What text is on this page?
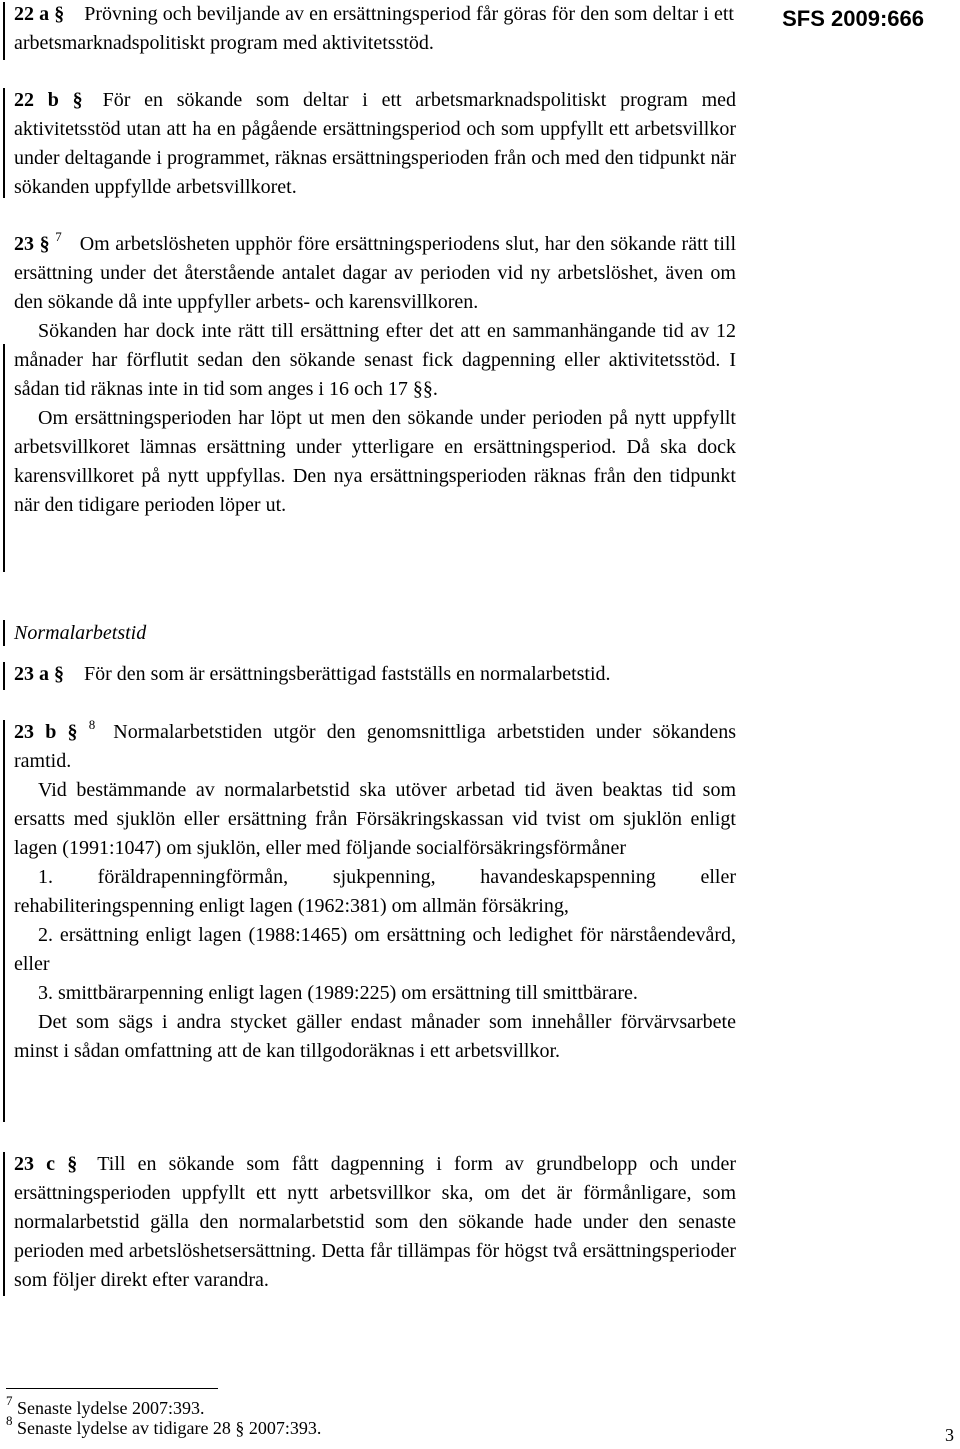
SFS 2009:666

22 a § Prövning och beviljande av en ersättningsperiod får göras för den som deltar i ett arbetsmarknadspolitiskt program med aktivitetsstöd.

22 b § För en sökande som deltar i ett arbetsmarknadspolitiskt program med aktivitetsstöd utan att ha en pågående ersättningsperiod och som uppfyllt ett arbetsvillkor under deltagande i programmet, räknas ersättningsperioden från och med den tidpunkt när sökanden uppfyllde arbetsvillkoret.

23 § $^7$ Om arbetslösheten upphör före ersättningsperiodens slut, har den sökande rätt till ersättning under det återstående antalet dagar av perioden vid ny arbetslöshet, även om den sökande då inte uppfyller arbets- och karensvillkoren.

Sökanden har dock inte rätt till ersättning efter det att en sammanhängande tid av 12 månader har förflutit sedan den sökande senast fick dagpenning eller aktivitetsstöd. I sådan tid räknas inte in tid som anges i 16 och 17 §§.

Om ersättningsperioden har löpt ut men den sökande under perioden på nytt uppfyllt arbetsvillkoret lämnas ersättning under ytterligare en ersättningsperiod. Då ska dock karensvillkoret på nytt uppfyllas. Den nya ersättningsperioden räknas från den tidpunkt när den tidigare perioden löper ut.

Normalarbetstid

23 a § För den som är ersättningsberättigad fastställs en normalarbetstid.

23 b § $^8$ Normalarbetstiden utgör den genomsnittliga arbetstiden under sökandens ramtid.

Vid bestämmande av normalarbetstid ska utöver arbetad tid även beaktas tid som ersatts med sjuklön eller ersättning från Försäkringskassan vid tvist om sjuklön enligt lagen (1991:1047) om sjuklön, eller med följande socialförsäkringsförmåner

1. föräldrapenningförmån, sjukpenning, havandeskapspenning eller rehabiliteringspenning enligt lagen (1962:381) om allmän försäkring,

2. ersättning enligt lagen (1988:1465) om ersättning och ledighet för närståendevård, eller

3. smittbärarpenning enligt lagen (1989:225) om ersättning till smittbärare.

Det som sägs i andra stycket gäller endast månader som innehåller förvärvsarbete minst i sådan omfattning att de kan tillgodoräknas i ett arbetsvillkor.

23 c § Till en sökande som fått dagpenning i form av grundbelopp och under ersättningsperioden uppfyllt ett nytt arbetsvillkor ska, om det är förmånligare, som normalarbetstid gälla den normalarbetstid som den sökande hade under den senaste perioden med arbetslöshetsersättning. Detta får tillämpas för högst två ersättningsperioder som följer direkt efter varandra.

$^7$ Senaste lydelse 2007:393.
$^8$ Senaste lydelse av tidigare 28 § 2007:393.	3
